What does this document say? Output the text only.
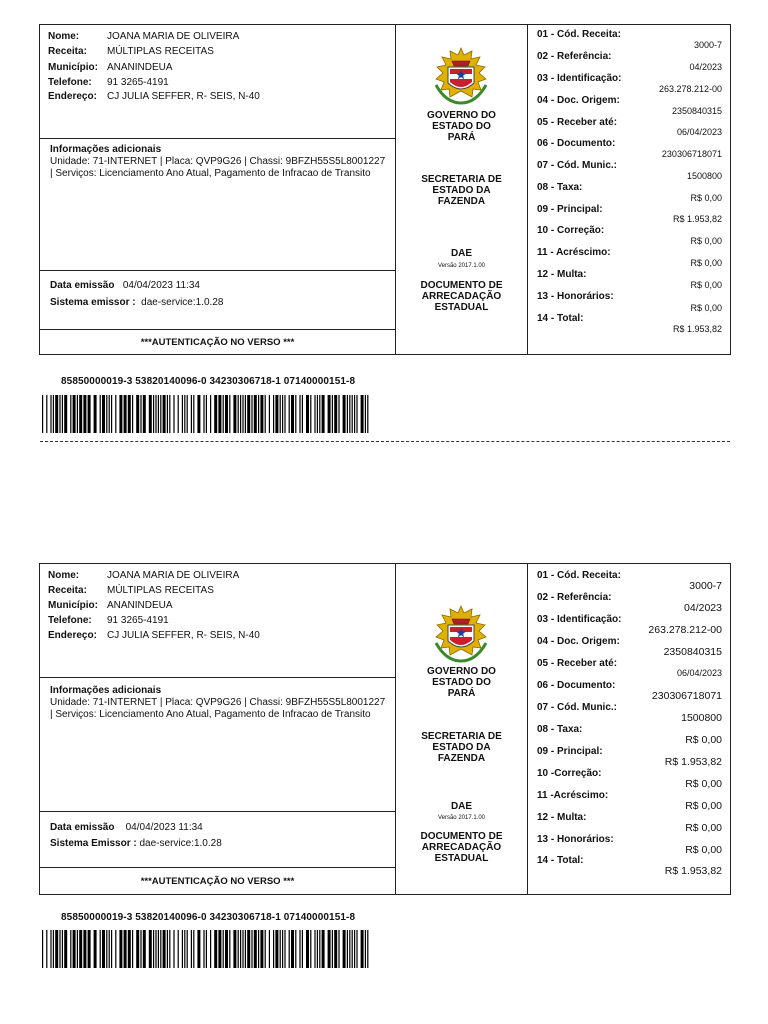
Nome:	JOANA MARIA DE OLIVEIRA
Receita: MÚLTIPLAS RECEITAS
Município: ANANINDEUA
Telefone: 91 3265-4191
Endereço: CJ JULIA SEFFER, R- SEIS, N-40
Informações adicionais
Unidade: 71-INTERNET | Placa: QVP9G26 | Chassi: 9BFZH55S5L8001227 | Serviços: Licenciamento Ano Atual, Pagamento de Infracao de Transito
Data emissão 04/04/2023 11:34
Sistema emissor : dae-service:1.0.28
***AUTENTICAÇÃO NO VERSO ***
GOVERNO DO
ESTADO DO
PARÁ
SECRETARIA DE
ESTADO DA
FAZENDA
DAE
Versão 2017.1.00
DOCUMENTO DE
ARRECADAÇÃO
ESTADUAL
01 - Cód. Receita:
3000-7
02 - Referência:
04/2023
03 - Identificação:
263.278.212-00
04 - Doc. Origem:
2350840315
05 - Receber até:
06/04/2023
06 - Documento:
230306718071
07 - Cód. Munic.:
1500800
08 - Taxa:
R$ 0,00
09 - Principal:
R$ 1.953,82
10 - Correção:
R$ 0,00
11 - Acréscimo:
R$ 0,00
12 - Multa:
R$ 0,00
13 - Honorários:
R$ 0,00
14 - Total:
R$ 1.953,82
85850000019-3 53820140096-0 34230306718-1 07140000151-8
Nome:	JOANA MARIA DE OLIVEIRA
Receita: MÚLTIPLAS RECEITAS
Município: ANANINDEUA
Telefone: 91 3265-4191
Endereço: CJ JULIA SEFFER, R- SEIS, N-40
Informações adicionais
Unidade: 71-INTERNET | Placa: QVP9G26 | Chassi: 9BFZH55S5L8001227 | Serviços: Licenciamento Ano Atual, Pagamento de Infracao de Transito
Data emissão 04/04/2023 11:34
Sistema Emissor : dae-service:1.0.28
***AUTENTICAÇÃO NO VERSO ***
GOVERNO DO
ESTADO DO
PARÁ
SECRETARIA DE
ESTADO DA
FAZENDA
DAE
Versão 2017.1.00
DOCUMENTO DE
ARRECADAÇÃO
ESTADUAL
01 - Cód. Receita:
3000-7
02 - Referência:
04/2023
03 - Identificação:
263.278.212-00
04 - Doc. Origem:
2350840315
05 - Receber até:
06/04/2023
06 - Documento:
230306718071
07 - Cód. Munic.:
1500800
08 - Taxa:
R$ 0,00
09 - Principal:
R$ 1.953,82
10 -Correção:
R$ 0,00
11 -Acréscimo:
R$ 0,00
12 - Multa:
R$ 0,00
13 - Honorários:
R$ 0,00
14 - Total:
R$ 1.953,82
85850000019-3 53820140096-0 34230306718-1 07140000151-8
